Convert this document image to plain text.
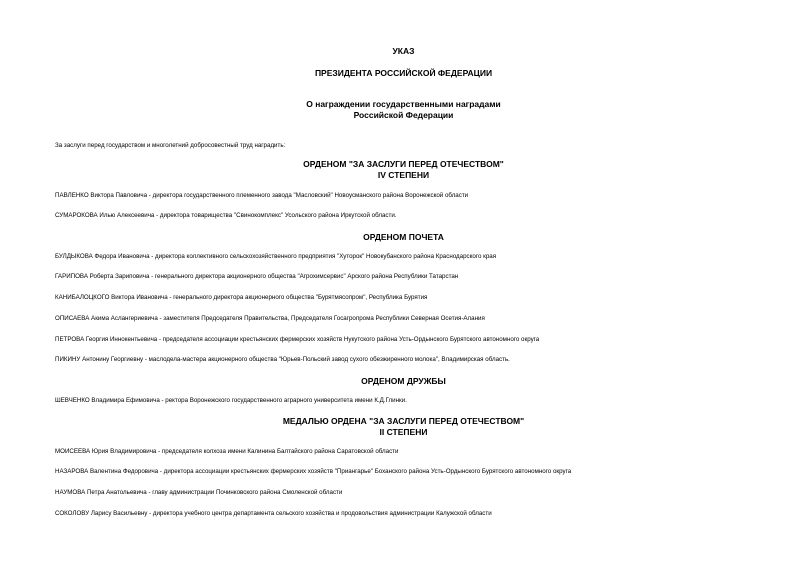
УКАЗ
ПРЕЗИДЕНТА РОССИЙСКОЙ ФЕДЕРАЦИИ
О награждении государственными наградами
Российской Федерации
За заслуги перед государством и многолетний добросовестный труд наградить:
ОРДЕНОМ "ЗА ЗАСЛУГИ ПЕРЕД ОТЕЧЕСТВОМ"
IV СТЕПЕНИ
ПАВЛЕНКО Виктора Павловича - директора государственного племенного завода "Масловский" Новоусманского района Воронежской области
СУМАРОКОВА Илью Алексеевича - директора товарищества "Свинокомплекс" Усольского района Иркутской области.
ОРДЕНОМ ПОЧЕТА
БУЛДЫКОВА Федора Ивановича - директора коллективного сельскохозяйственного предприятия "Хуторок" Новокубанского района Краснодарского края
ГАРИПОВА Роберта Зариповича - генерального директора акционерного общества "Агрохимсервис" Арского района Республики Татарстан
КАНИБАЛОЦКОГО Виктора Ивановича - генерального директора акционерного общества "Бурятмясопром", Республика Бурятия
ОПИСАЕВА Акима Аслангериевича - заместителя Председателя Правительства, Председателя Госагропрома Республики Северная Осетия-Алания
ПЕТРОВА Георгия Иннокентьевича - председателя ассоциации крестьянских фермерских хозяйств Нукутского района Усть-Ордынского Бурятского автономного округа
ПИКИНУ Антонину Георгиевну - маслодела-мастера акционерного общества "Юрьев-Польский завод сухого обезжиренного молока", Владимирская область.
ОРДЕНОМ ДРУЖБЫ
ШЕВЧЕНКО Владимира Ефимовича - ректора Воронежского государственного аграрного университета имени К.Д.Глинки.
МЕДАЛЬЮ ОРДЕНА "ЗА ЗАСЛУГИ ПЕРЕД ОТЕЧЕСТВОМ"
II СТЕПЕНИ
МОИСЕЕВА Юрия Владимировича - председателя колхоза имени Калинина Балтайского района Саратовской области
НАЗАРОВА Валентина Федоровича - директора ассоциации крестьянских фермерских хозяйств "Приангарье" Боханского района Усть-Ордынского Бурятского автономного округа
НАУМОВА Петра Анатольевича - главу администрации Починковского района Смоленской области
СОКОЛОВУ Ларису Васильевну - директора учебного центра департамента сельского хозяйства и продовольствия администрации Калужской области
